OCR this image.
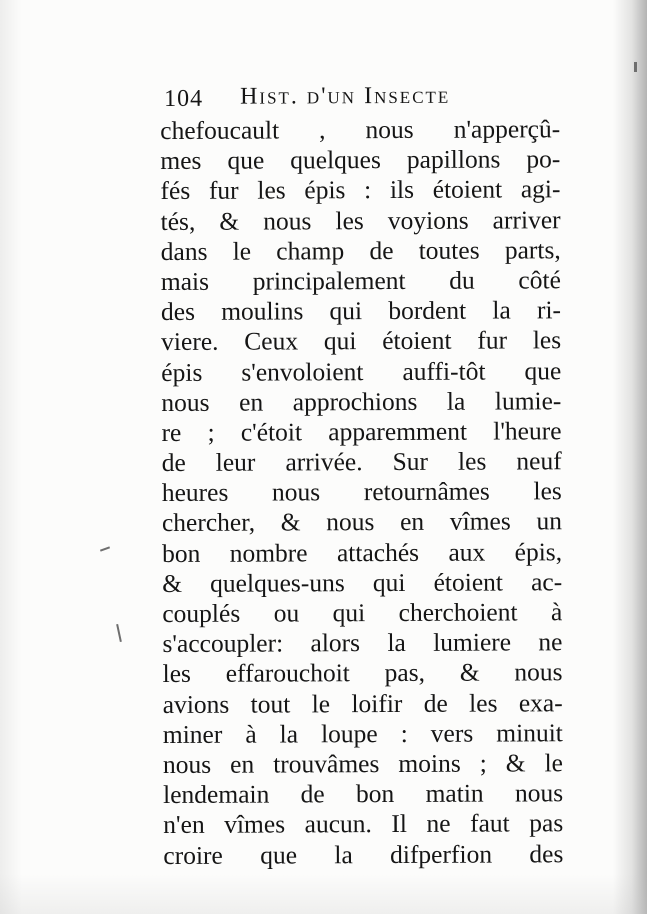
104 Hist. d'un Insecte
chefoucault , nous n'apperçû-
mes que quelques papillons po-
fés fur les épis : ils étoient agi-
tés, & nous les voyions arriver
dans le champ de toutes parts,
mais principalement du côté
des moulins qui bordent la ri-
viere. Ceux qui étoient fur les
épis s'envoloient auffi-tôt que
nous en approchions la lumie-
re ; c'étoit apparemment l'heure
de leur arrivée. Sur les neuf
heures nous retournâmes les
chercher, & nous en vîmes un
bon nombre attachés aux épis,
& quelques-uns qui étoient ac-
couplés ou qui cherchoient à
s'accoupler: alors la lumiere ne
les effarouchoit pas, & nous
avions tout le loifir de les exa-
miner à la loupe : vers minuit
nous en trouvâmes moins ; & le
lendemain de bon matin nous
n'en vîmes aucun. Il ne faut pas
croire que la difperfion des
